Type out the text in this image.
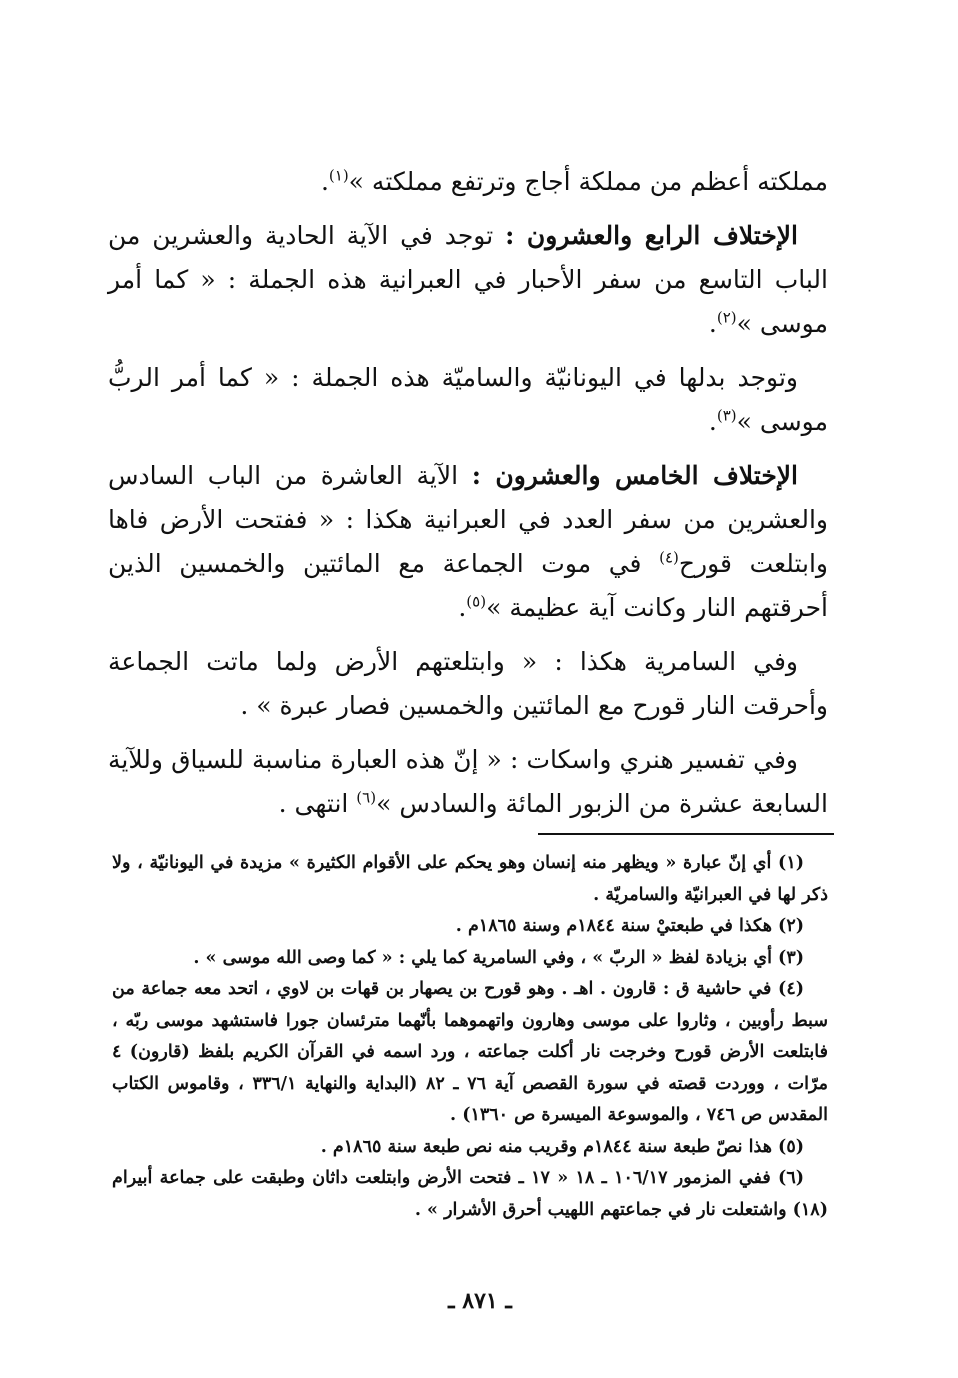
مملكته أعظم من مملكة أجاج وترتفع مملكته »$^{(١)}$.

الإختلاف الرابع والعشرون : توجد في الآية الحادية والعشرين من الباب التاسع من سفر الأحبار في العبرانية هذه الجملة : « كما أمر موسى »$^{(٢)}$.

وتوجد بدلها في اليونانيّة والساميّة هذه الجملة : « كما أمر الربُّ موسى »$^{(٣)}$.

الإختلاف الخامس والعشرون : الآية العاشرة من الباب السادس والعشرين من سفر العدد في العبرانية هكذا : « ففتحت الأرض فاها وابتلعت قورح$^{(٤)}$ في موت الجماعة مع المائتين والخمسين الذين أحرقتهم النار وكانت آية عظيمة »$^{(٥)}$.

وفي السامرية هكذا : « وابتلعتهم الأرض ولما ماتت الجماعة وأحرقت النار قورح مع المائتين والخمسين فصار عبرة » .

وفي تفسير هنري واسكات : « إنّ هذه العبارة مناسبة للسياق وللآية السابعة عشرة من الزبور المائة والسادس »$^{(٦)}$ انتهى .

(١) أي إنّ عبارة « ويظهر منه إنسان وهو يحكم على الأقوام الكثيرة » مزيدة في اليونانيّة ، ولا ذكر لها في العبرانيّة والسامريّة .

(٢) هكذا في طبعتيْ سنة ١٨٤٤م وسنة ١٨٦٥م .

(٣) أي بزيادة لفظ « الربّ » ، وفي السامرية كما يلي : « كما وصى الله موسى » .

(٤) في حاشية ق : قارون . اهـ . وهو قورح بن يصهار بن قهات بن لاوي ، اتحد معه جماعة من سبط رأوبين ، وثاروا على موسى وهارون واتهموهما بأنّهما مترئسان جورا فاستشهد موسى ربّه ، فابتلعت الأرض قورح وخرجت نار أكلت جماعته ، ورد اسمه في القرآن الكريم بلفظ (قارون) ٤ مرّات ، ووردت قصته في سورة القصص آية ٧٦ ـ ٨٢ (البداية والنهاية ٣٣٦/١ ، وقاموس الكتاب المقدس ص ٧٤٦ ، والموسوعة الميسرة ص ١٣٦٠) .

(٥) هذا نصّ طبعة سنة ١٨٤٤م وقريب منه نص طبعة سنة ١٨٦٥م .

(٦) ففي المزمور ١٠٦/١٧ ـ ١٨ « ١٧ ـ فتحت الأرض وابتلعت داثان وطبقت على جماعة أبيرام (١٨) واشتعلت نار في جماعتهم اللهيب أحرق الأشرار » .

ـ ٨٧١ ـ
